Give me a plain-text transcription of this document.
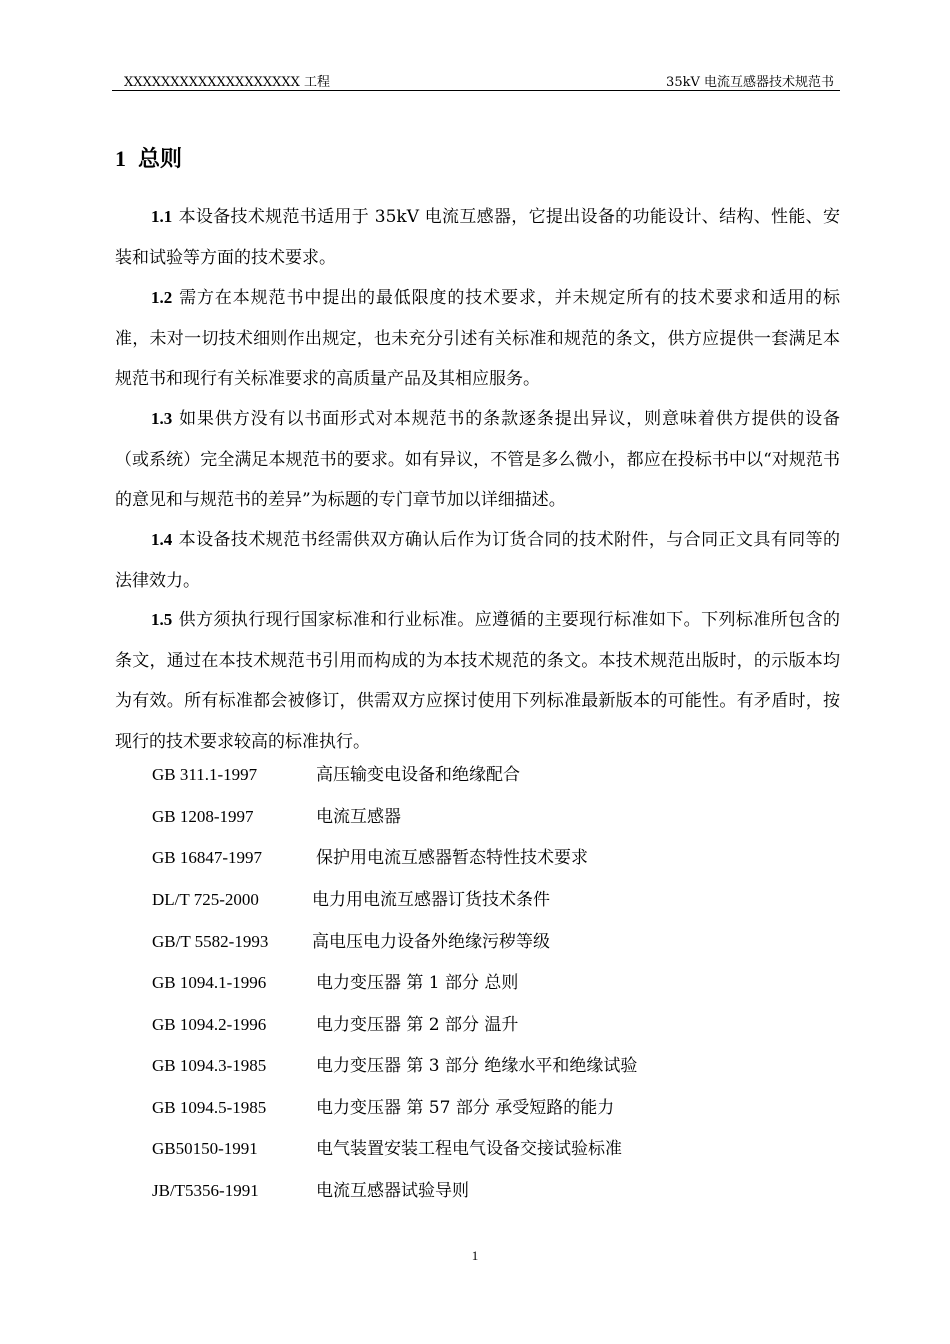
XXXXXXXXXXXXXXXXXXX 工程	35kV 电流互感器技术规范书
1 总则
1.1 本设备技术规范书适用于 35kV 电流互感器，它提出设备的功能设计、结构、性能、安装和试验等方面的技术要求。
1.2 需方在本规范书中提出的最低限度的技术要求，并未规定所有的技术要求和适用的标准，未对一切技术细则作出规定，也未充分引述有关标准和规范的条文，供方应提供一套满足本规范书和现行有关标准要求的高质量产品及其相应服务。
1.3 如果供方没有以书面形式对本规范书的条款逐条提出异议，则意味着供方提供的设备（或系统）完全满足本规范书的要求。如有异议，不管是多么微小，都应在投标书中以“对规范书的意见和与规范书的差异”为标题的专门章节加以详细描述。
1.4 本设备技术规范书经需供双方确认后作为订货合同的技术附件，与合同正文具有同等的法律效力。
1.5 供方须执行现行国家标准和行业标准。应遵循的主要现行标准如下。下列标准所包含的条文，通过在本技术规范书引用而构成的为本技术规范的条文。本技术规范出版时，的示版本均为有效。所有标准都会被修订，供需双方应探讨使用下列标准最新版本的可能性。有矛盾时，按现行的技术要求较高的标准执行。
GB 311.1-1997	高压输变电设备和绝缘配合
GB 1208-1997	电流互感器
GB 16847-1997	保护用电流互感器暂态特性技术要求
DL/T 725-2000	电力用电流互感器订货技术条件
GB/T 5582-1993	高电压电力设备外绝缘污秽等级
GB 1094.1-1996	电力变压器 第 1 部分 总则
GB 1094.2-1996	电力变压器 第 2 部分 温升
GB 1094.3-1985	电力变压器 第 3 部分 绝缘水平和绝缘试验
GB 1094.5-1985	电力变压器 第 57 部分 承受短路的能力
GB50150-1991	电气装置安装工程电气设备交接试验标准
JB/T5356-1991	电流互感器试验导则
1
